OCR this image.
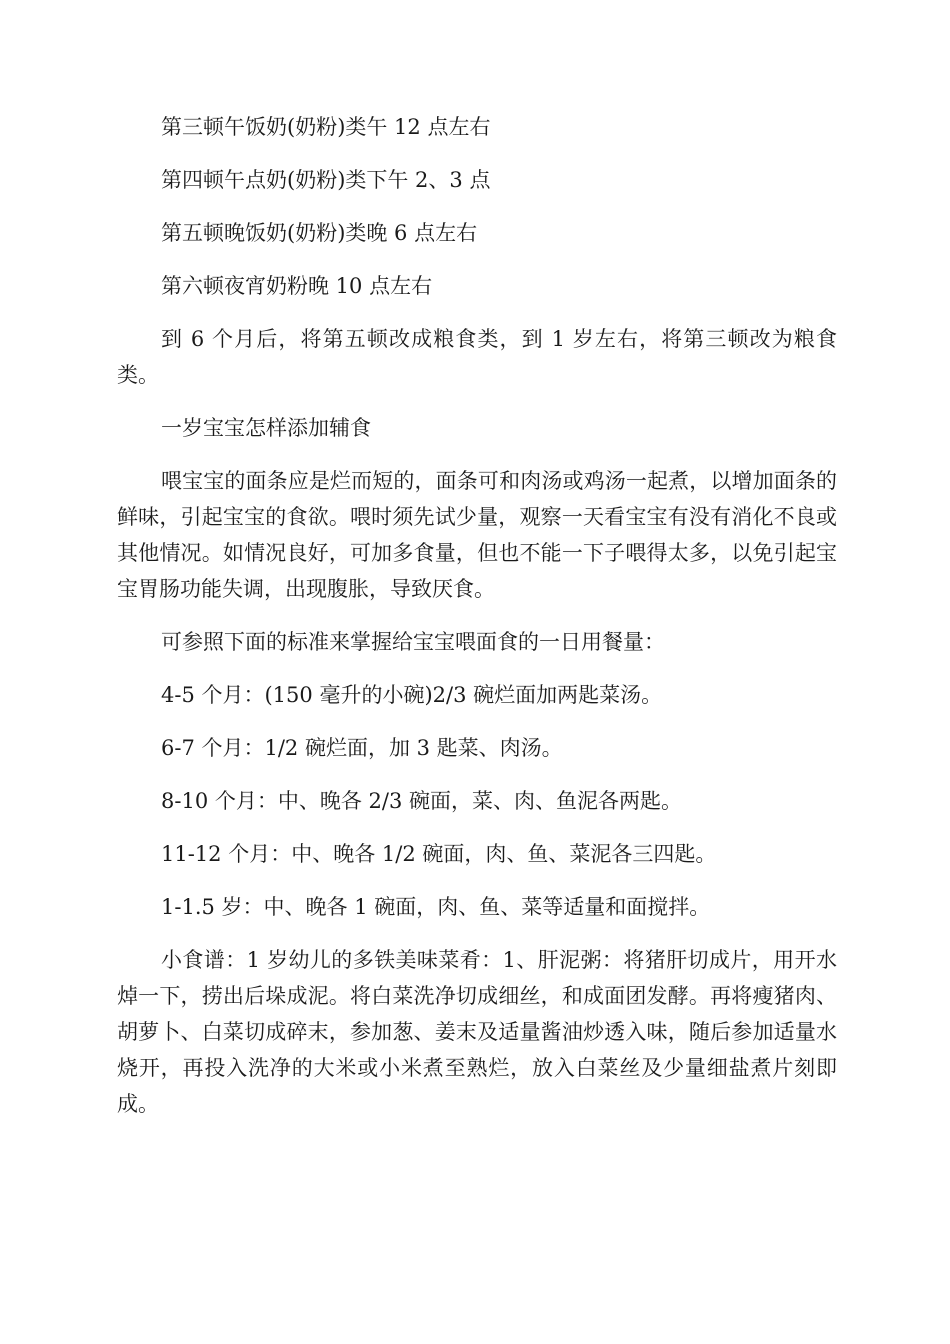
第三顿午饭奶(奶粉)类午 12 点左右

第四顿午点奶(奶粉)类下午 2、3 点

第五顿晚饭奶(奶粉)类晚 6 点左右

第六顿夜宵奶粉晚 10 点左右

到 6 个月后，将第五顿改成粮食类，到 1 岁左右，将第三顿改为粮食类。

一岁宝宝怎样添加辅食

喂宝宝的面条应是烂而短的，面条可和肉汤或鸡汤一起煮，以增加面条的鲜味，引起宝宝的食欲。喂时须先试少量，观察一天看宝宝有没有消化不良或其他情况。如情况良好，可加多食量，但也不能一下子喂得太多，以免引起宝宝胃肠功能失调，出现腹胀，导致厌食。

可参照下面的标准来掌握给宝宝喂面食的一日用餐量：

4-5 个月：(150 毫升的小碗)2/3 碗烂面加两匙菜汤。

6-7 个月：1/2 碗烂面，加 3 匙菜、肉汤。

8-10 个月：中、晚各 2/3 碗面，菜、肉、鱼泥各两匙。

11-12 个月：中、晚各 1/2 碗面，肉、鱼、菜泥各三四匙。

1-1.5 岁：中、晚各 1 碗面，肉、鱼、菜等适量和面搅拌。

小食谱：1 岁幼儿的多铁美味菜肴：1、肝泥粥：将猪肝切成片，用开水焯一下，捞出后垛成泥。将白菜洗净切成细丝，和成面团发酵。再将瘦猪肉、胡萝卜、白菜切成碎末，参加葱、姜末及适量酱油炒透入味，随后参加适量水烧开，再投入洗净的大米或小米煮至熟烂，放入白菜丝及少量细盐煮片刻即成。
